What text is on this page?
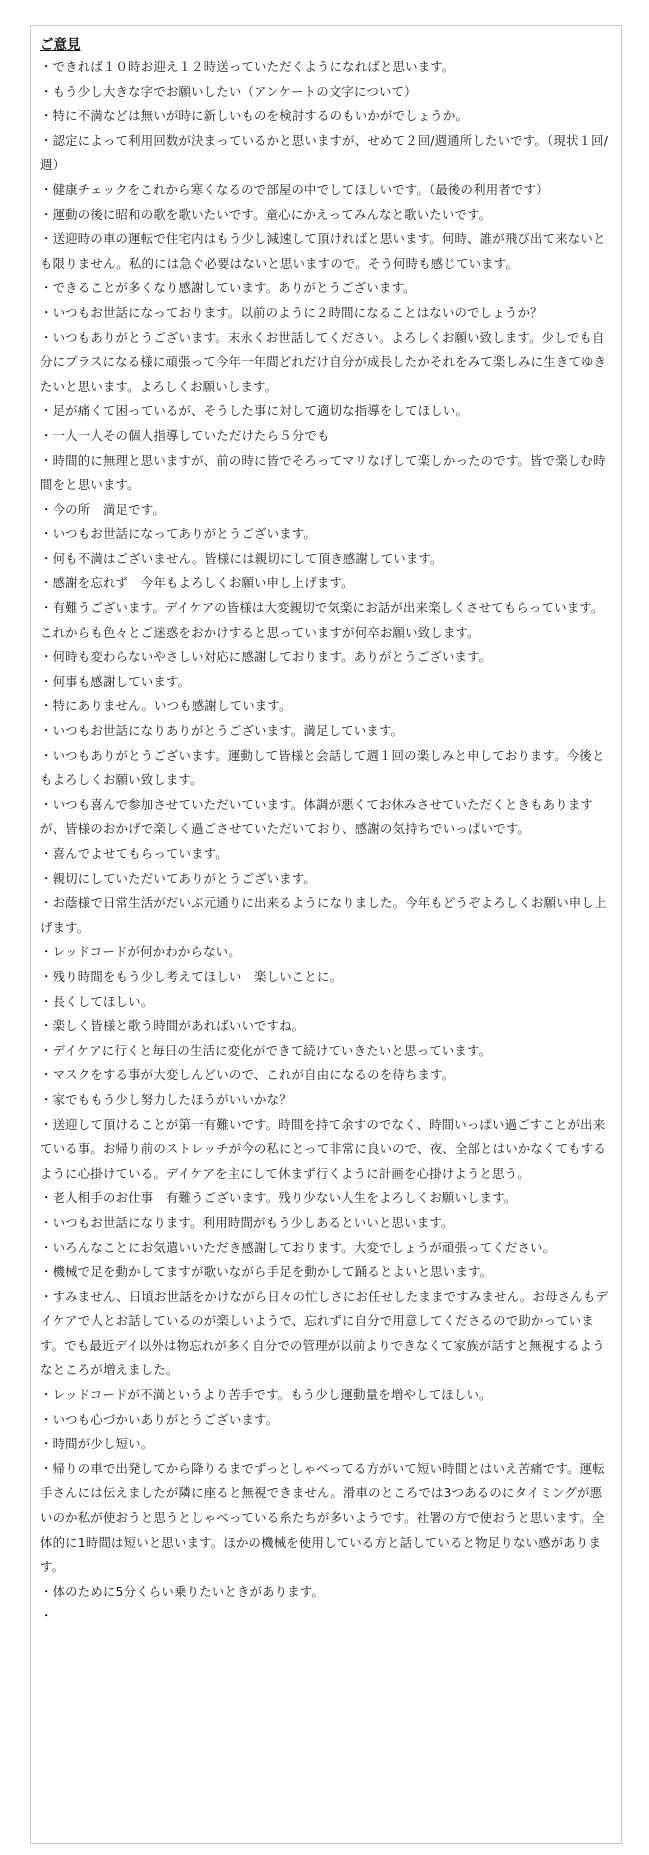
ご意見
・できれば１０時お迎え１２時送っていただくようになればと思います。
・もう少し大きな字でお願いしたい（アンケートの文字について）
・特に不満などは無いが時に新しいものを検討するのもいかがでしょうか。
・認定によって利用回数が決まっているかと思いますが、せめて２回/週通所したいです。（現状１回/週）
・健康チェックをこれから寒くなるので部屋の中でしてほしいです。（最後の利用者です）
・運動の後に昭和の歌を歌いたいです。童心にかえってみんなと歌いたいです。
・送迎時の車の運転で住宅内はもう少し減速して頂ければと思います。何時、誰が飛び出て来ないとも限りません。私的には急ぐ必要はないと思いますので。そう何時も感じています。
・できることが多くなり感謝しています。ありがとうございます。
・いつもお世話になっております。以前のように２時間になることはないのでしょうか？
・いつもありがとうございます。末永くお世話してください。よろしくお願い致します。少しでも自分にプラスになる様に頑張って今年一年間どれだけ自分が成長したかそれをみて楽しみに生きてゆきたいと思います。よろしくお願いします。
・足が痛くて困っているが、そうした事に対して適切な指導をしてほしい。
・一人一人その個人指導していただけたら５分でも
・時間的に無理と思いますが、前の時に皆でそろってマリなげして楽しかったのです。皆で楽しむ時間をと思います。
・今の所　満足です。
・いつもお世話になってありがとうございます。
・何も不満はございません。皆様には親切にして頂き感謝しています。
・感謝を忘れず　今年もよろしくお願い申し上げます。
・有難うございます。デイケアの皆様は大変親切で気楽にお話が出来楽しくさせてもらっています。これからも色々とご迷惑をおかけすると思っていますが何卒お願い致します。
・何時も変わらないやさしい対応に感謝しております。ありがとうございます。
・何事も感謝しています。
・特にありません。いつも感謝しています。
・いつもお世話になりありがとうございます。満足しています。
・いつもありがとうございます。運動して皆様と会話して週１回の楽しみと申しております。今後ともよろしくお願い致します。
・いつも喜んで参加させていただいています。体調が悪くてお休みさせていただくときもありますが、皆様のおかげで楽しく過ごさせていただいており、感謝の気持ちでいっぱいです。
・喜んでよせてもらっています。
・親切にしていただいてありがとうございます。
・お蔭様で日常生活がだいぶ元通りに出来るようになりました。今年もどうぞよろしくお願い申し上げます。
・レッドコードが何かわからない。
・残り時間をもう少し考えてほしい　楽しいことに。
・長くしてほしい。
・楽しく皆様と歌う時間があればいいですね。
・デイケアに行くと毎日の生活に変化ができて続けていきたいと思っています。
・マスクをする事が大変しんどいので、これが自由になるのを待ちます。
・家でももう少し努力したほうがいいかな？
・送迎して頂けることが第一有難いです。時間を持て余すのでなく、時間いっぱい過ごすことが出来ている事。お帰り前のストレッチが今の私にとって非常に良いので、夜、全部とはいかなくてもするように心掛けている。デイケアを主にして休まず行くように計画を心掛けようと思う。
・老人相手のお仕事　有難うございます。残り少ない人生をよろしくお願いします。
・いつもお世話になります。利用時間がもう少しあるといいと思います。
・いろんなことにお気遣いいただき感謝しております。大変でしょうが頑張ってください。
・機械で足を動かしてますが歌いながら手足を動かして踊るとよいと思います。
・すみません、日頃お世話をかけながら日々の忙しさにお任せしたままですみません。お母さんもデイケアで人とお話しているのが楽しいようで、忘れずに自分で用意してくださるので助かっています。でも最近デイ以外は物忘れが多く自分での管理が以前よりできなくて家族が話すと無視するようなところが増えました。
・レッドコードが不満というより苦手です。もう少し運動量を増やしてほしい。
・いつも心づかいありがとうございます。
・時間が少し短い。
・帰りの車で出発してから降りるまでずっとしゃべってる方がいて短い時間とはいえ苦痛です。運転手さんには伝えましたが隣に座ると無視できません。滑車のところでは3つあるのにタイミングが悪いのか私が使おうと思うとしゃべっている糸たちが多いようです。社署の方で使おうと思います。全体的に1時間は短いと思います。ほかの機械を使用している方と話していると物足りない感があります。
・体のために5分くらい乗りたいときがあります。
・
